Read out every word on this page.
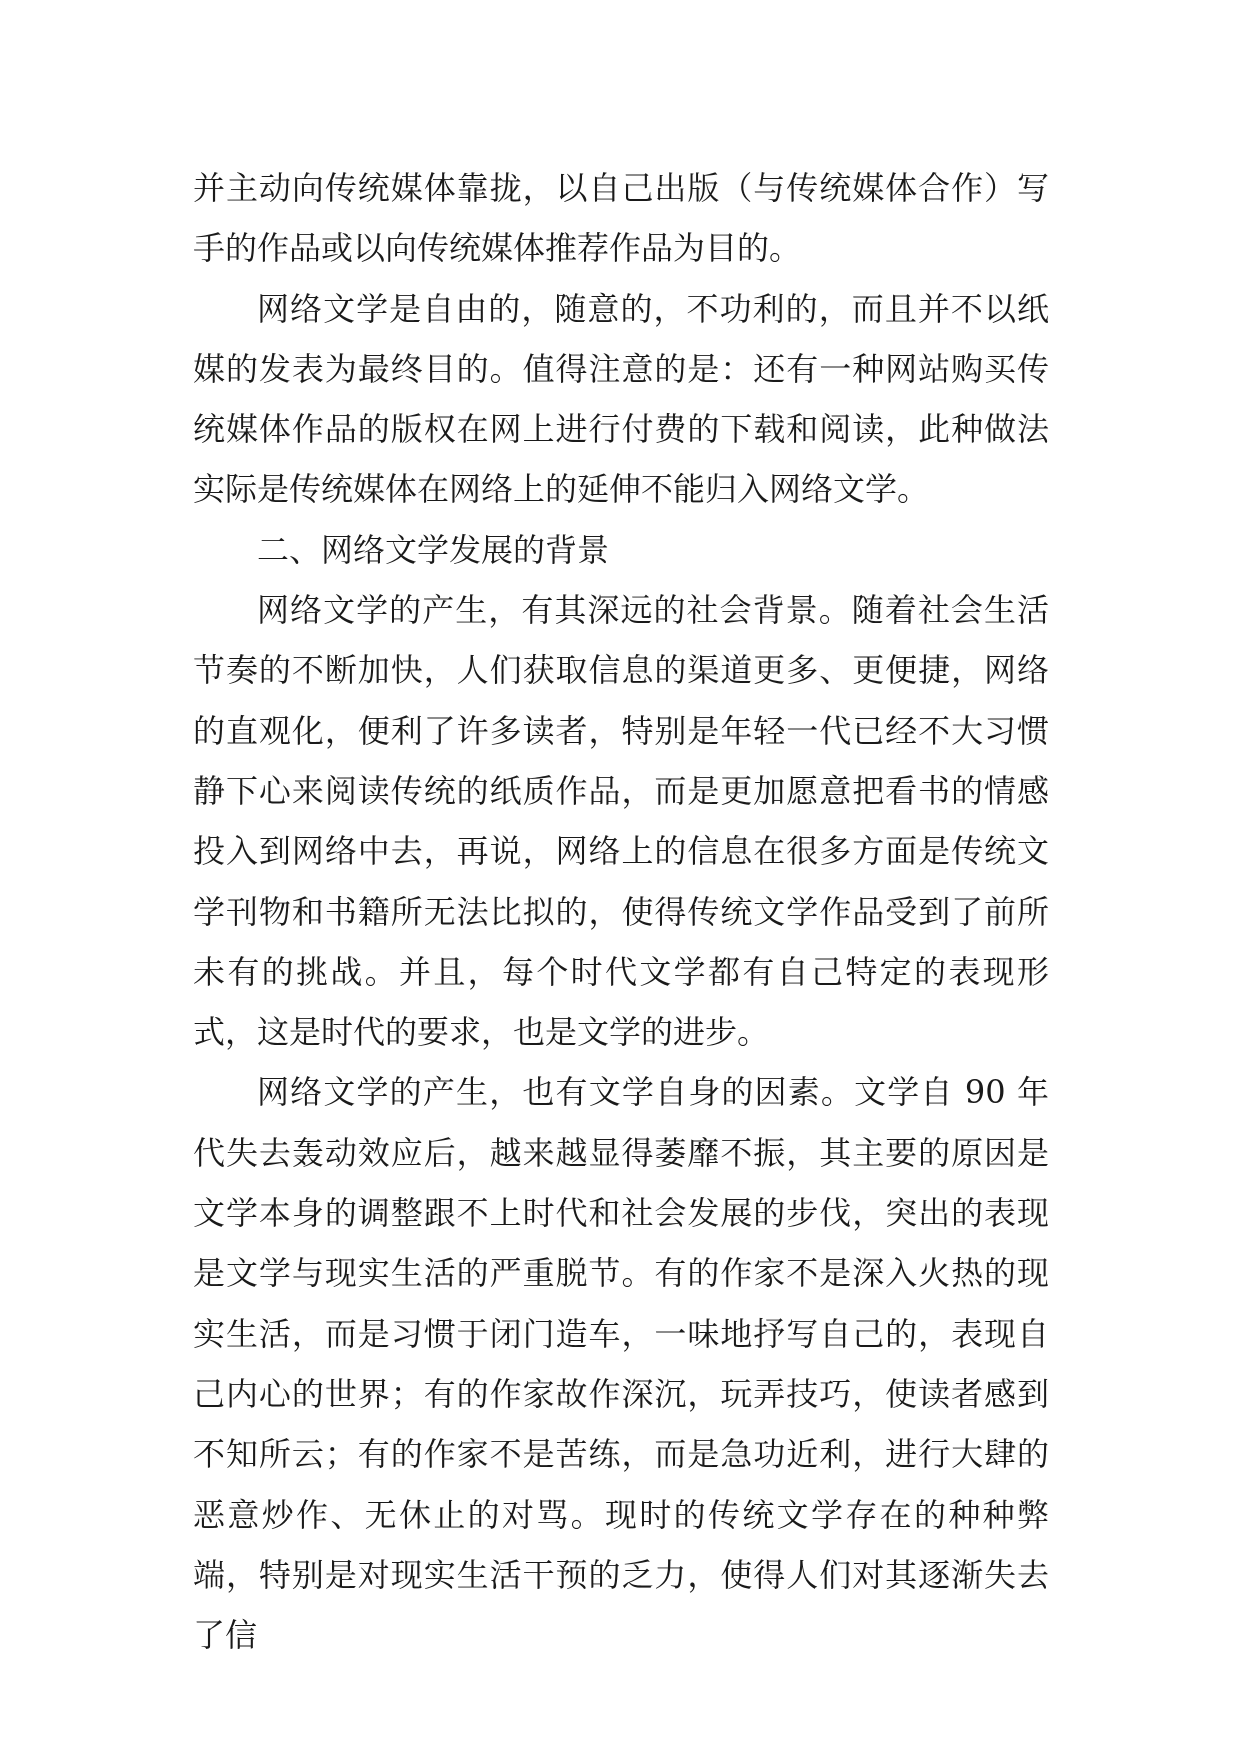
并主动向传统媒体靠拢，以自己出版（与传统媒体合作）写手的作品或以向传统媒体推荐作品为目的。

网络文学是自由的，随意的，不功利的，而且并不以纸媒的发表为最终目的。值得注意的是：还有一种网站购买传统媒体作品的版权在网上进行付费的下载和阅读，此种做法实际是传统媒体在网络上的延伸不能归入网络文学。

二、网络文学发展的背景

网络文学的产生，有其深远的社会背景。随着社会生活节奏的不断加快，人们获取信息的渠道更多、更便捷，网络的直观化，便利了许多读者，特别是年轻一代已经不大习惯静下心来阅读传统的纸质作品，而是更加愿意把看书的情感投入到网络中去，再说，网络上的信息在很多方面是传统文学刊物和书籍所无法比拟的，使得传统文学作品受到了前所未有的挑战。并且，每个时代文学都有自己特定的表现形式，这是时代的要求，也是文学的进步。

网络文学的产生，也有文学自身的因素。文学自 90 年代失去轰动效应后，越来越显得萎靡不振，其主要的原因是文学本身的调整跟不上时代和社会发展的步伐，突出的表现是文学与现实生活的严重脱节。有的作家不是深入火热的现实生活，而是习惯于闭门造车，一味地抒写自己的，表现自己内心的世界；有的作家故作深沉，玩弄技巧，使读者感到不知所云；有的作家不是苦练，而是急功近利，进行大肆的恶意炒作、无休止的对骂。现时的传统文学存在的种种弊端，特别是对现实生活干预的乏力，使得人们对其逐渐失去了信
